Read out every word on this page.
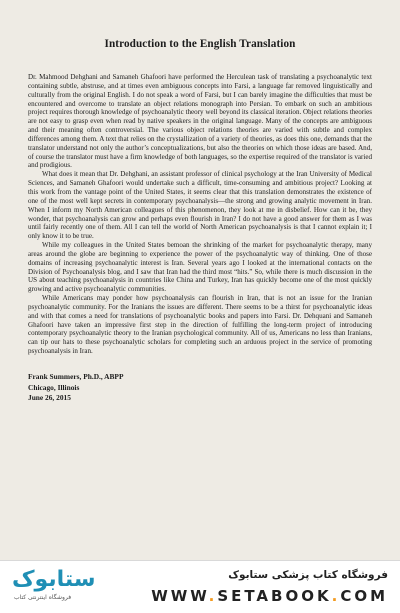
Introduction to the English Translation

Dr. Mahmood Dehghani and Samaneh Ghafoori have performed the Herculean task of translating a psychoanalytic text containing subtle, abstruse, and at times even ambiguous concepts into Farsi, a language far removed linguistically and culturally from the original English. I do not speak a word of Farsi, but I can barely imagine the difficulties that must be encountered and overcome to translate an object relations monograph into Persian. To embark on such an ambitious project requires thorough knowledge of psychoanalytic theory well beyond its classical iteration. Object relations theories are not easy to grasp even when read by native speakers in the original language. Many of the concepts are ambiguous and their meaning often controversial. The various object relations theories are varied with subtle and complex differences among them. A text that relies on the crystallization of a variety of theories, as does this one, demands that the translator understand not only the author’s conceptualizations, but also the theories on which those ideas are based. And, of course the translator must have a firm knowledge of both languages, so the expertise required of the translator is varied and prodigious.

What does it mean that Dr. Dehghani, an assistant professor of clinical psychology at the Iran University of Medical Sciences, and Samaneh Ghafoori would undertake such a difficult, time-consuming and ambitious project? Looking at this work from the vantage point of the United States, it seems clear that this translation demonstrates the existence of one of the most well kept secrets in contemporary psychoanalysis—the strong and growing analytic movement in Iran. When I inform my North American colleagues of this phenomenon, they look at me in disbelief. How can it be, they wonder, that psychoanalysis can grow and perhaps even flourish in Iran? I do not have a good answer for them as I was until fairly recently one of them. All I can tell the world of North American psychoanalysis is that I cannot explain it; I only know it to be true.

While my colleagues in the United States bemoan the shrinking of the market for psychoanalytic therapy, many areas around the globe are beginning to experience the power of the psychoanalytic way of thinking. One of those domains of increasing psychoanalytic interest is Iran. Several years ago I looked at the international contacts on the Division of Psychoanalysis blog, and I saw that Iran had the third most “hits.” So, while there is much discussion in the US about teaching psychoanalysis in countries like China and Turkey, Iran has quickly become one of the most quickly growing and active psychoanalytic communities.

While Americans may ponder how psychoanalysis can flourish in Iran, that is not an issue for the Iranian psychoanalytic community. For the Iranians the issues are different. There seems to be a thirst for psychoanalytic ideas and with that comes a need for translations of psychoanalytic books and papers into Farsi. Dr. Dehquani and Samaneh Ghafoori have taken an impressive first step in the direction of fulfilling the long-term project of introducing contemporary psychoanalytic theory to the Iranian psychological community. All of us, Americans no less than Iranians, can tip our hats to these psychoanalytic scholars for completing such an arduous project in the service of promoting psychoanalysis in Iran.

Frank Summers, Ph.D., ABPP
Chicago, Illinois
June 26, 2015
ستابوک
فروشگاه اینترنتی کتاب
فروشگاه کتاب پزشکی ستابوک
WWW.SETABOOK.COM
